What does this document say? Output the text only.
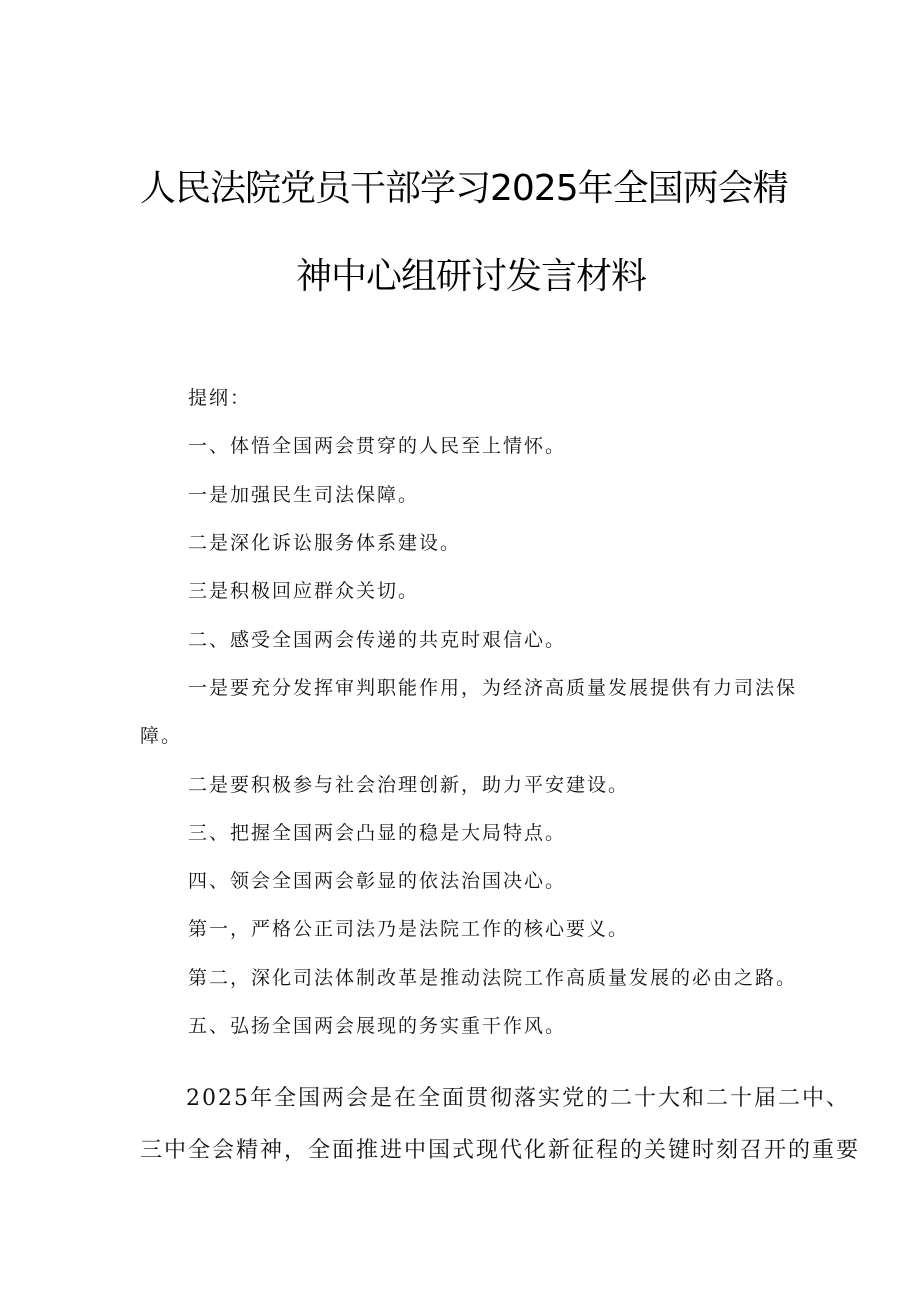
人民法院党员干部学习2025年全国两会精
神中心组研讨发言材料
提纲：
一、体悟全国两会贯穿的人民至上情怀。
一是加强民生司法保障。
二是深化诉讼服务体系建设。
三是积极回应群众关切。
二、感受全国两会传递的共克时艰信心。
一是要充分发挥审判职能作用，为经济高质量发展提供有力司法保
障。
二是要积极参与社会治理创新，助力平安建设。
三、把握全国两会凸显的稳是大局特点。
四、领会全国两会彰显的依法治国决心。
第一，严格公正司法乃是法院工作的核心要义。
第二，深化司法体制改革是推动法院工作高质量发展的必由之路。
五、弘扬全国两会展现的务实重干作风。
2025年全国两会是在全面贯彻落实党的二十大和二十届二中、
三中全会精神，全面推进中国式现代化新征程的关键时刻召开的重要
